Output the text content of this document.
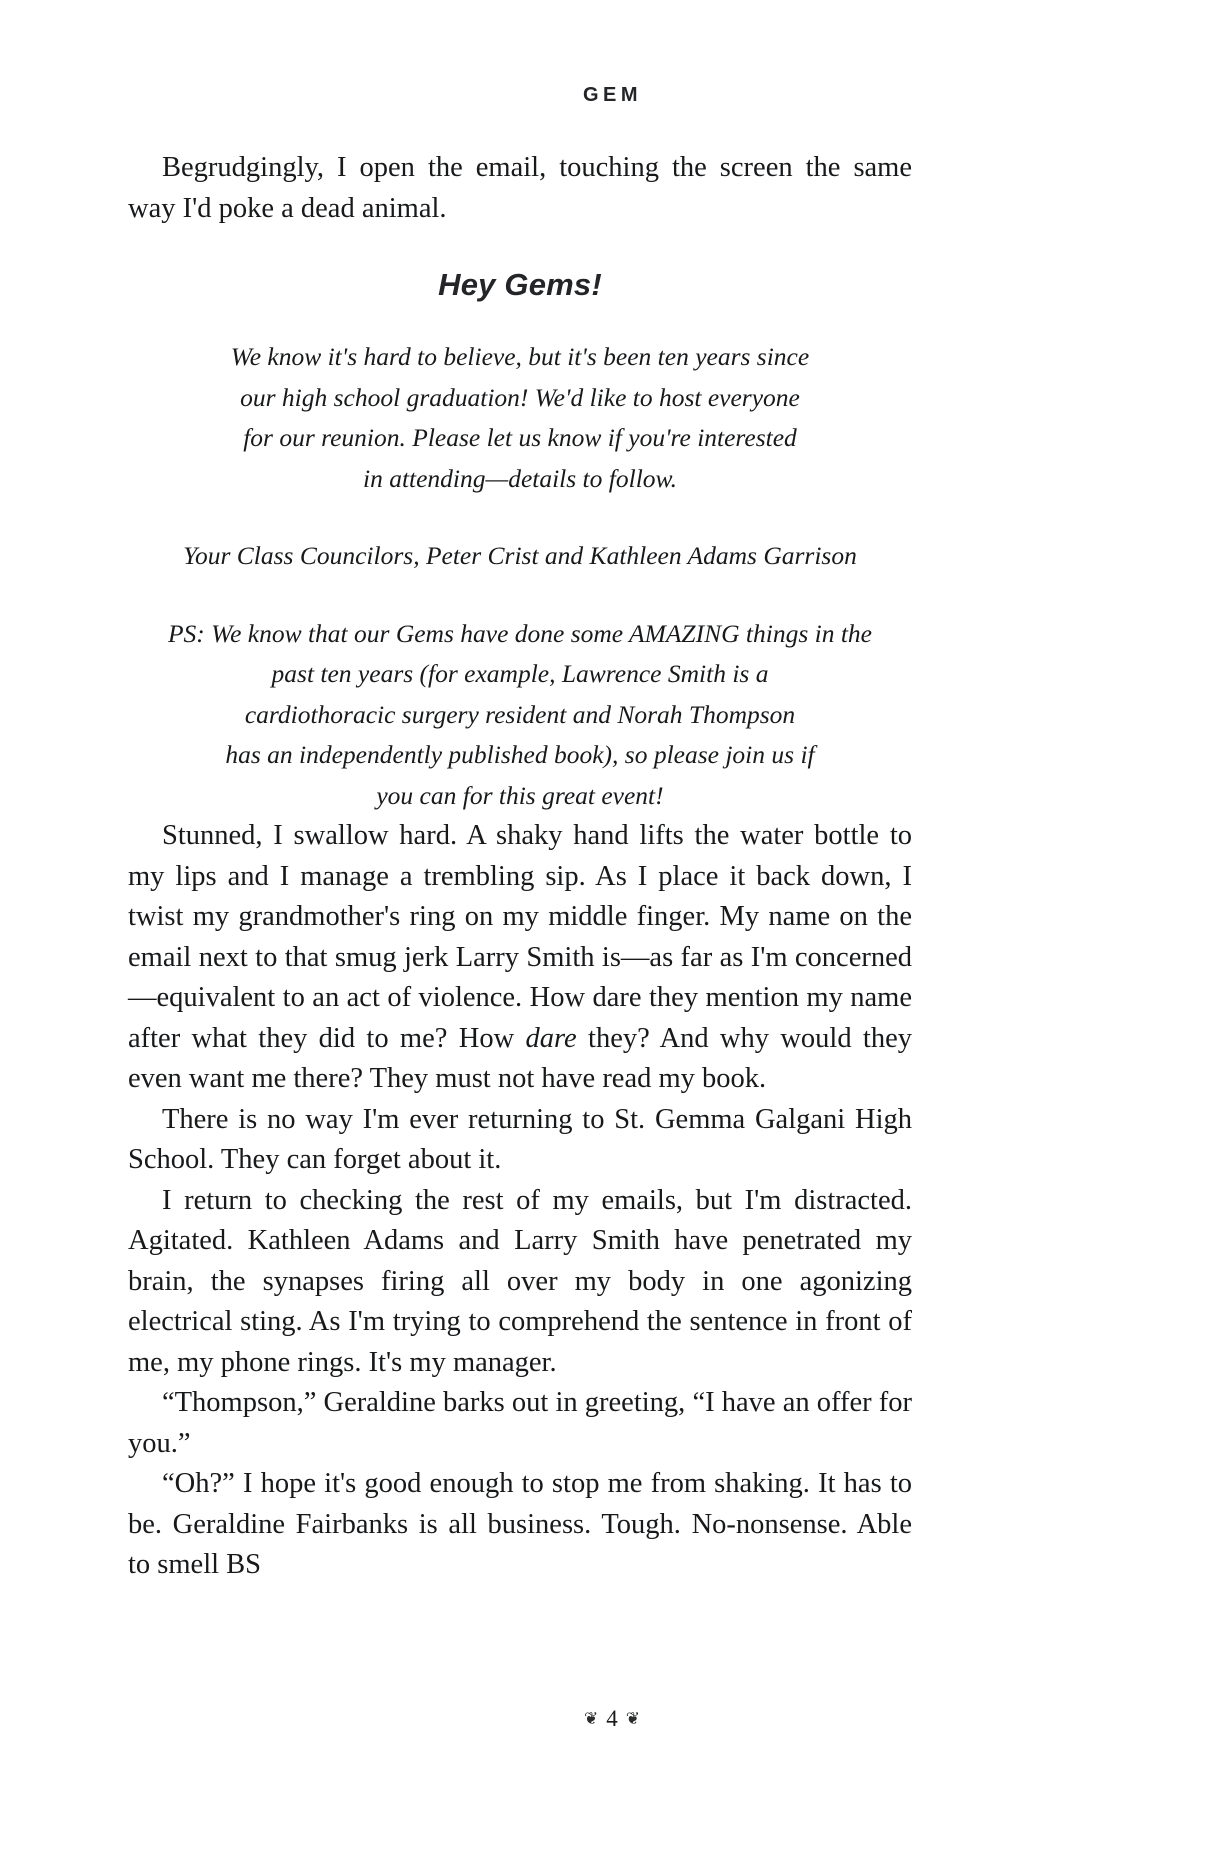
GEM

Begrudgingly, I open the email, touching the screen the same way I'd poke a dead animal.

Hey Gems!

We know it's hard to believe, but it's been ten years since
our high school graduation! We'd like to host everyone
for our reunion. Please let us know if you're interested
in attending—details to follow.

Your Class Councilors, Peter Crist and Kathleen Adams Garrison

PS: We know that our Gems have done some AMAZING things in the
past ten years (for example, Lawrence Smith is a
cardiothoracic surgery resident and Norah Thompson
has an independently published book), so please join us if
you can for this great event!

Stunned, I swallow hard. A shaky hand lifts the water bottle to my lips and I manage a trembling sip. As I place it back down, I twist my grandmother's ring on my middle finger. My name on the email next to that smug jerk Larry Smith is—as far as I'm concerned—equivalent to an act of violence. How dare they mention my name after what they did to me? How dare they? And why would they even want me there? They must not have read my book.

There is no way I'm ever returning to St. Gemma Galgani High School. They can forget about it.

I return to checking the rest of my emails, but I'm distracted. Agitated. Kathleen Adams and Larry Smith have penetrated my brain, the synapses firing all over my body in one agonizing electrical sting. As I'm trying to comprehend the sentence in front of me, my phone rings. It's my manager.

“Thompson,” Geraldine barks out in greeting, “I have an offer for you.”

“Oh?” I hope it's good enough to stop me from shaking. It has to be. Geraldine Fairbanks is all business. Tough. No-nonsense. Able to smell BS

❦ 4 ❦
